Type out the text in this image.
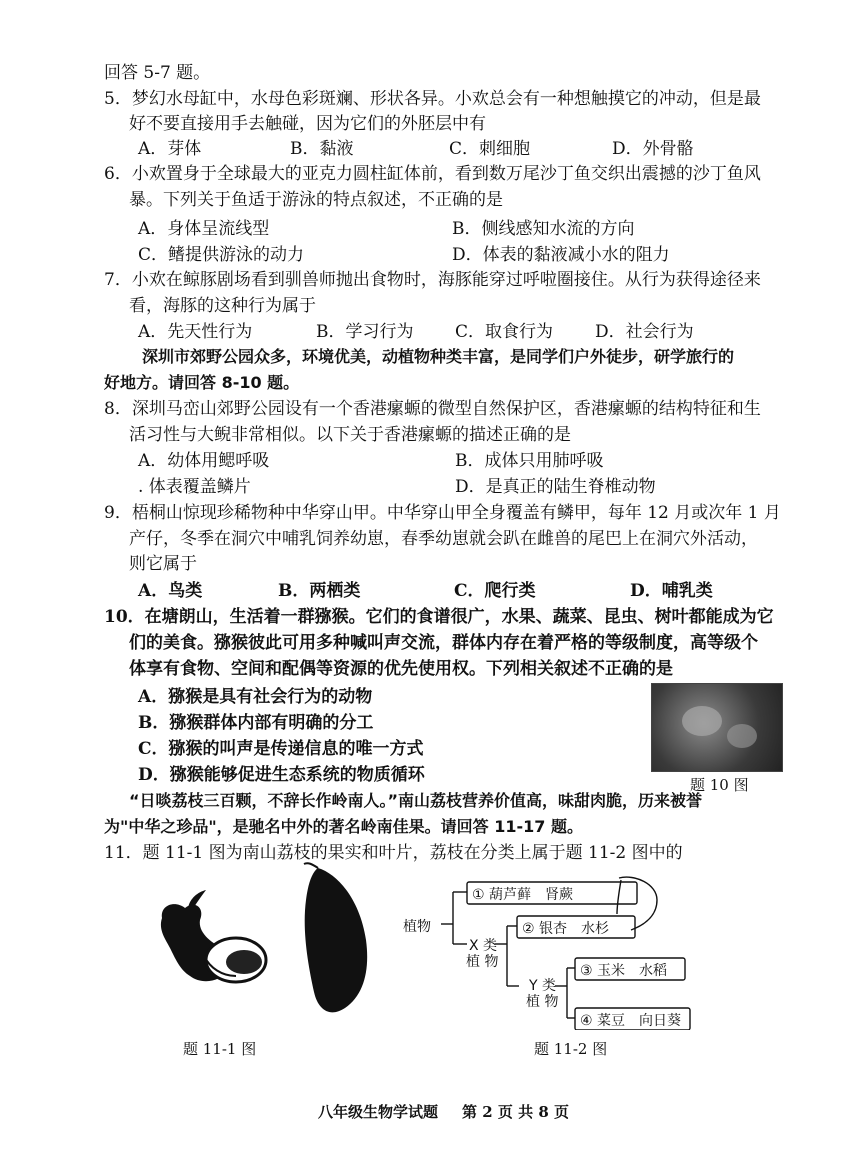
回答 5-7 题。
5．梦幻水母缸中，水母色彩斑斓、形状各异。小欢总会有一种想触摸它的冲动，但是最
好不要直接用手去触碰，因为它们的外胚层中有
A．芽体	B．黏液	C．刺细胞	D．外骨骼
6．小欢置身于全球最大的亚克力圆柱缸体前，看到数万尾沙丁鱼交织出震撼的沙丁鱼风
暴。下列关于鱼适于游泳的特点叙述，不正确的是
A．身体呈流线型	B．侧线感知水流的方向
C．鳍提供游泳的动力	D．体表的黏液减小水的阻力
7．小欢在鲸豚剧场看到驯兽师抛出食物时，海豚能穿过呼啦圈接住。从行为获得途径来
看，海豚的这种行为属于
A．先天性行为	B．学习行为 C．取食行为 D．社会行为
深圳市郊野公园众多，环境优美，动植物种类丰富，是同学们户外徒步，研学旅行的
好地方。请回答 8-10 题。
8．深圳马峦山郊野公园设有一个香港瘰螈的微型自然保护区，香港瘰螈的结构特征和生
活习性与大鲵非常相似。以下关于香港瘰螈的描述正确的是
A．幼体用鳃呼吸	B．成体只用肺呼吸
. 体表覆盖鳞片	D．是真正的陆生脊椎动物
9．梧桐山惊现珍稀物种中华穿山甲。中华穿山甲全身覆盖有鳞甲，每年 12 月或次年 1 月
产仔，冬季在洞穴中哺乳饲养幼崽，春季幼崽就会趴在雌兽的尾巴上在洞穴外活动，
则它属于
A．鸟类	B．两栖类	C．爬行类	D．哺乳类
10．在塘朗山，生活着一群猕猴。它们的食谱很广，水果、蔬菜、昆虫、树叶都能成为它
们的美食。猕猴彼此可用多种喊叫声交流，群体内存在着严格的等级制度，高等级个
体享有食物、空间和配偶等资源的优先使用权。下列相关叙述不正确的是
A．猕猴是具有社会行为的动物
B．猕猴群体内部有明确的分工
C．猕猴的叫声是传递信息的唯一方式
D．猕猴能够促进生态系统的物质循环	题 10 图
“日啖荔枝三百颗，不辞长作岭南人。”南山荔枝营养价值高，味甜肉脆，历来被誉
为"中华之珍品"，是驰名中外的著名岭南佳果。请回答 11-17 题。
11．题 11-1 图为南山荔枝的果实和叶片，荔枝在分类上属于题 11-2 图中的
题 11-1 图
植物
X 类
植 物
Y 类
植 物
① 葫芦藓　肾蕨
② 银杏　水杉
③ 玉米　水稻
④ 菜豆　向日葵
题 11-2 图
八年级生物学试题 第 2 页 共 8 页
